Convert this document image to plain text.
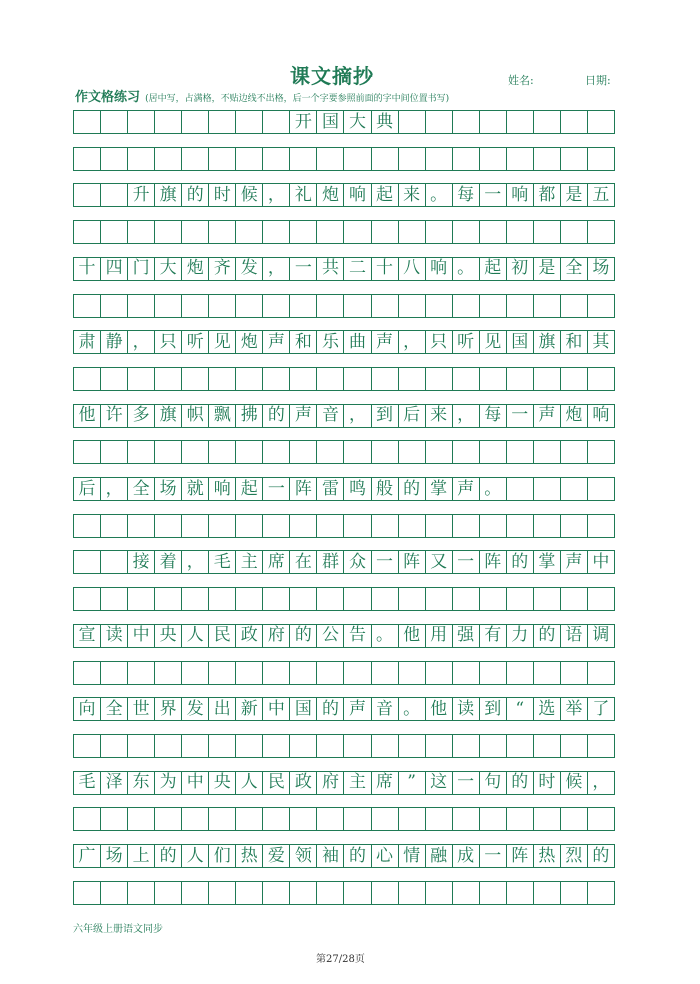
课文摘抄	姓名:	日期:
作文格练习 (居中写，占满格，不贴边线不出格，后一个字要参照前面的字中间位置书写)
开 国 大 典
升 旗 的 时 候 ， 礼 炮 响 起 来 。 每 一 响 都 是 五
十 四 门 大 炮 齐 发 ， 一 共 二 十 八 响 。 起 初 是 全 场
肃 静 ， 只 听 见 炮 声 和 乐 曲 声 ， 只 听 见 国 旗 和 其
他 许 多 旗 帜 飘 拂 的 声 音 ， 到 后 来 ， 每 一 声 炮 响
后 ， 全 场 就 响 起 一 阵 雷 鸣 般 的 掌 声 。
接 着 ， 毛 主 席 在 群 众 一 阵 又 一 阵 的 掌 声 中
宣 读 中 央 人 民 政 府 的 公 告 。 他 用 强 有 力 的 语 调
向 全 世 界 发 出 新 中 国 的 声 音 。 他 读 到 “ 选 举 了
毛 泽 东 为 中 央 人 民 政 府 主 席 ” 这 一 句 的 时 候 ，
广 场 上 的 人 们 热 爱 领 袖 的 心 情 融 成 一 阵 热 烈 的
六年级上册语文同步
第27/28页
